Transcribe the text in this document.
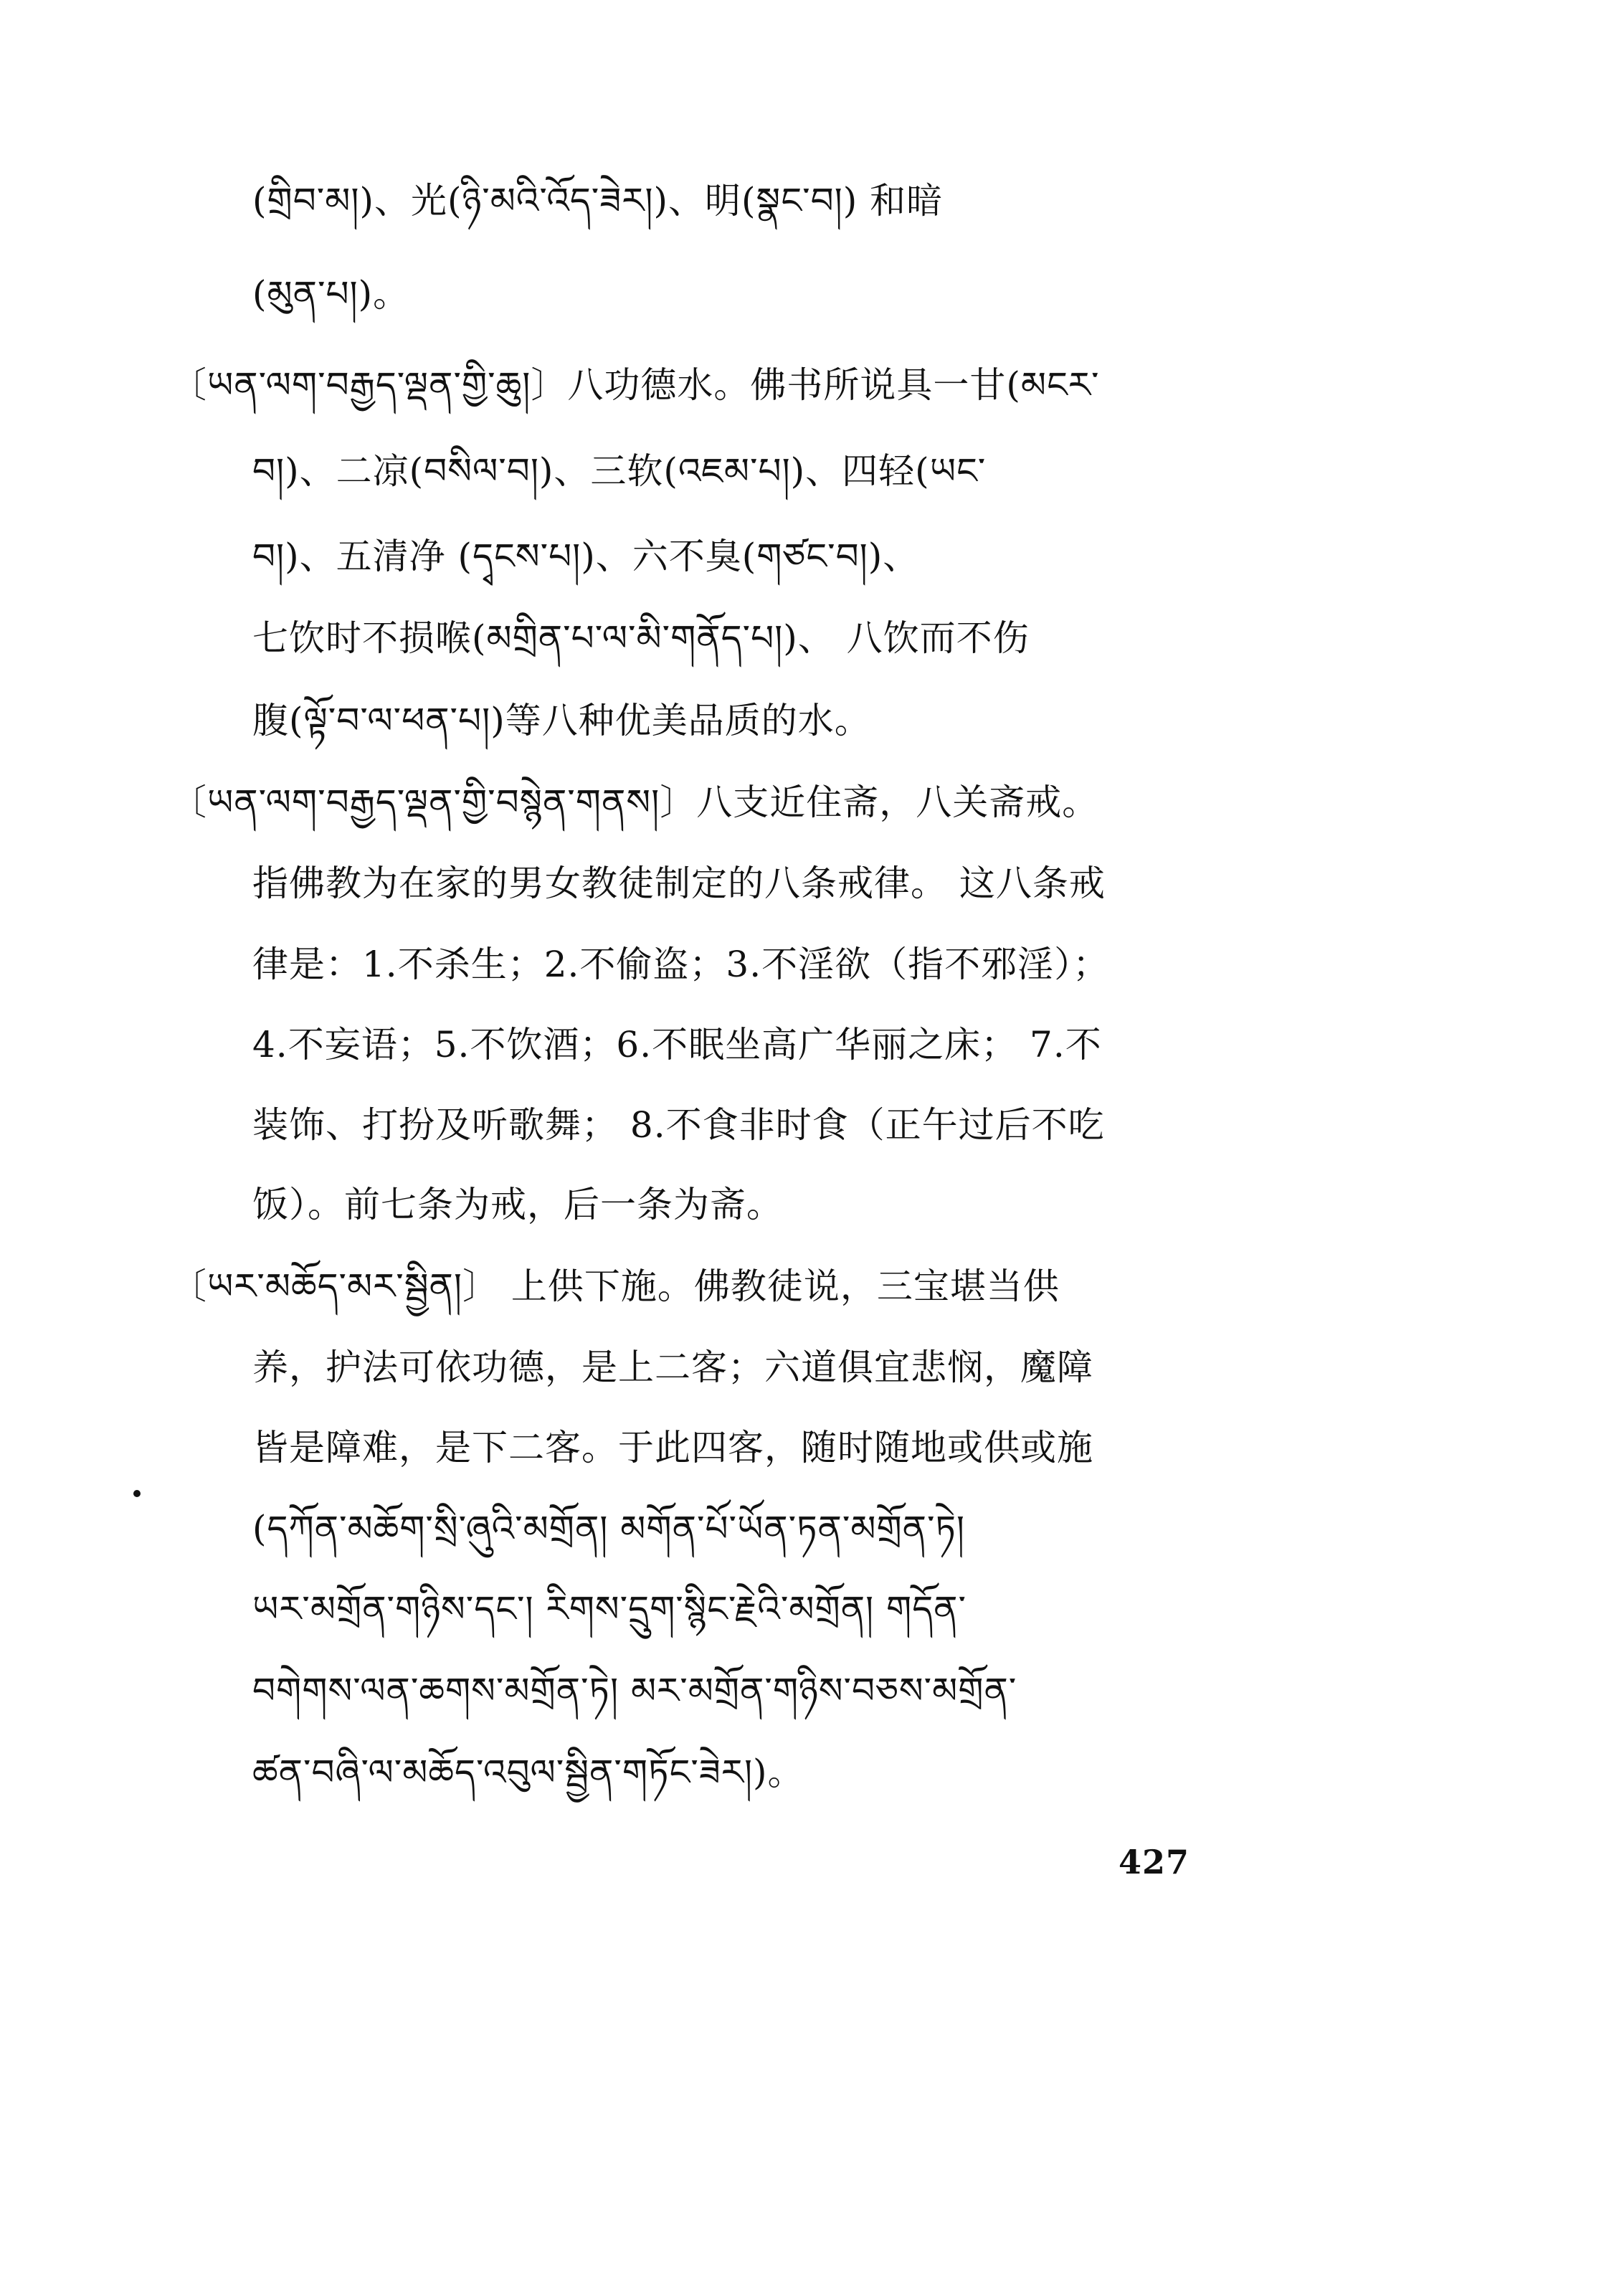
(གྲིབ་མ།)、光(ཉི་མའི་འོད་ཟེར།)、明(སྣང་བ།) 和暗
(མུན་པ།)。
〔ཡན་ལག་བརྒྱད་ལྡན་གྱི་ཆུ།〕八功德水。佛书所说具一甘(མངར་
བ།)、二凉(བསིལ་བ།)、三软(འཇམ་པ།)、四轻(ཡང་
བ།)、五清净 (དྭངས་པ།)、六不臭(གཙང་བ།)、
七饮时不损喉(མགྲིན་པ་ལ་མི་གནོད་པ།)、 八饮而不伤
腹(ལྟོ་བ་ལ་ཕན་པ།)等八种优美品质的水。
〔ཡན་ལག་བརྒྱད་ལྡན་གྱི་བསྙེན་གནས།〕八支近住斋，八关斋戒。
指佛教为在家的男女教徒制定的八条戒律。 这八条戒
律是：1.不杀生；2.不偷盗；3.不淫欲（指不邪淫）；
4.不妄语；5.不饮酒；6.不眠坐高广华丽之床； 7.不
装饰、打扮及听歌舞； 8.不食非时食（正午过后不吃
饭）。前七条为戒，后一条为斋。
〔ཡར་མཆོད་མར་སྦྱིན།〕 上供下施。佛教徒说，三宝堪当供
养，护法可依功德，是上二客；六道俱宜悲悯，魔障
皆是障难，是下二客。于此四客，随时随地或供或施
(དཀོན་མཆོག་སྲི་ཞུའི་མགྲོན། མགོན་པོ་ཡོན་ཏན་མགྲོན་ཏེ།
ཡར་མགྲོན་གཉིས་དང་། རིགས་དྲུག་སྙིང་རྗེའི་མགྲོན། གདོན་
བགེགས་ལན་ཆགས་མགྲོན་ཏེ། མར་མགྲོན་གཉིས་བཅས་མགྲོན་
ཚན་བཞི་ལ་མཆོད་འབུལ་སྦྱིན་གཏོང་ཟེར།)。
427
